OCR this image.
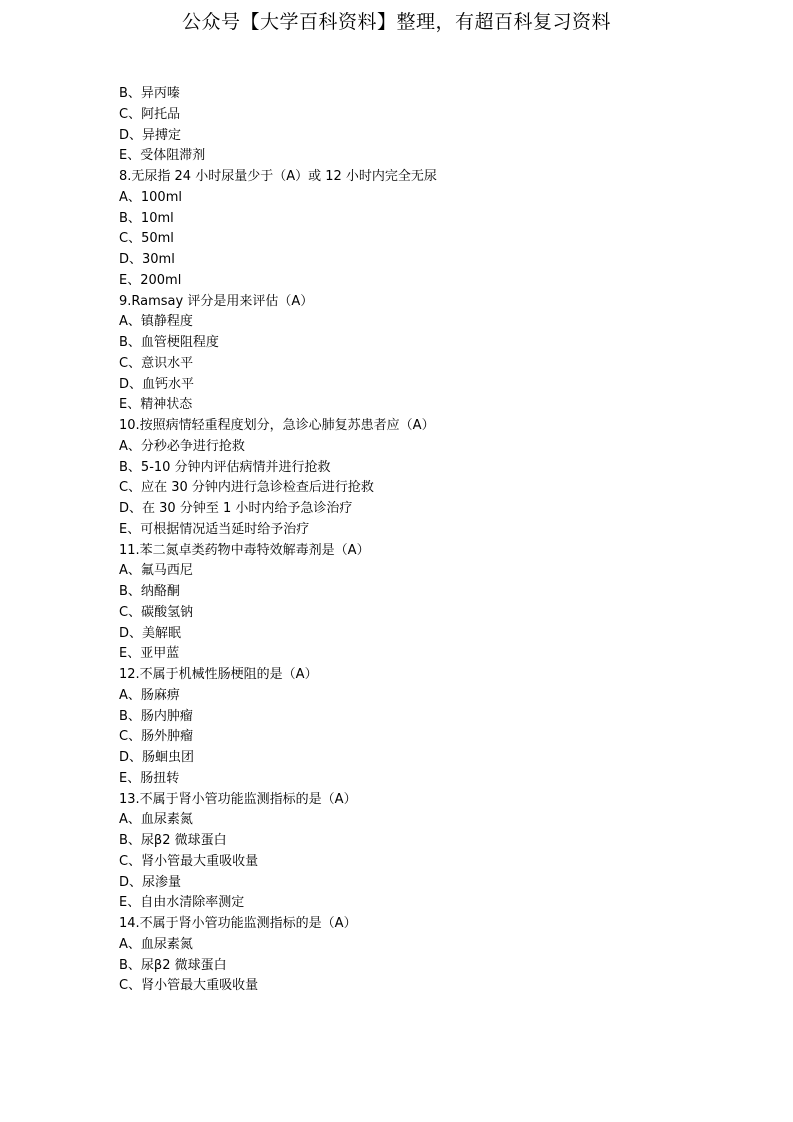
公众号【大学百科资料】整理，有超百科复习资料
B、异丙嗪
C、阿托品
D、异搏定
E、受体阻滞剂
8.无尿指 24 小时尿量少于（A）或 12 小时内完全无尿
A、100ml
B、10ml
C、50ml
D、30ml
E、200ml
9.Ramsay 评分是用来评估（A）
A、镇静程度
B、血管梗阻程度
C、意识水平
D、血钙水平
E、精神状态
10.按照病情轻重程度划分，急诊心肺复苏患者应（A）
A、分秒必争进行抢救
B、5-10 分钟内评估病情并进行抢救
C、应在 30 分钟内进行急诊检查后进行抢救
D、在 30 分钟至 1 小时内给予急诊治疗
E、可根据情况适当延时给予治疗
11.苯二氮卓类药物中毒特效解毒剂是（A）
A、氟马西尼
B、纳酪酮
C、碳酸氢钠
D、美解眠
E、亚甲蓝
12.不属于机械性肠梗阻的是（A）
A、肠麻痹
B、肠内肿瘤
C、肠外肿瘤
D、肠蛔虫团
E、肠扭转
13.不属于肾小管功能监测指标的是（A）
A、血尿素氮
B、尿β2 微球蛋白
C、肾小管最大重吸收量
D、尿渗量
E、自由水清除率测定
14.不属于肾小管功能监测指标的是（A）
A、血尿素氮
B、尿β2 微球蛋白
C、肾小管最大重吸收量
